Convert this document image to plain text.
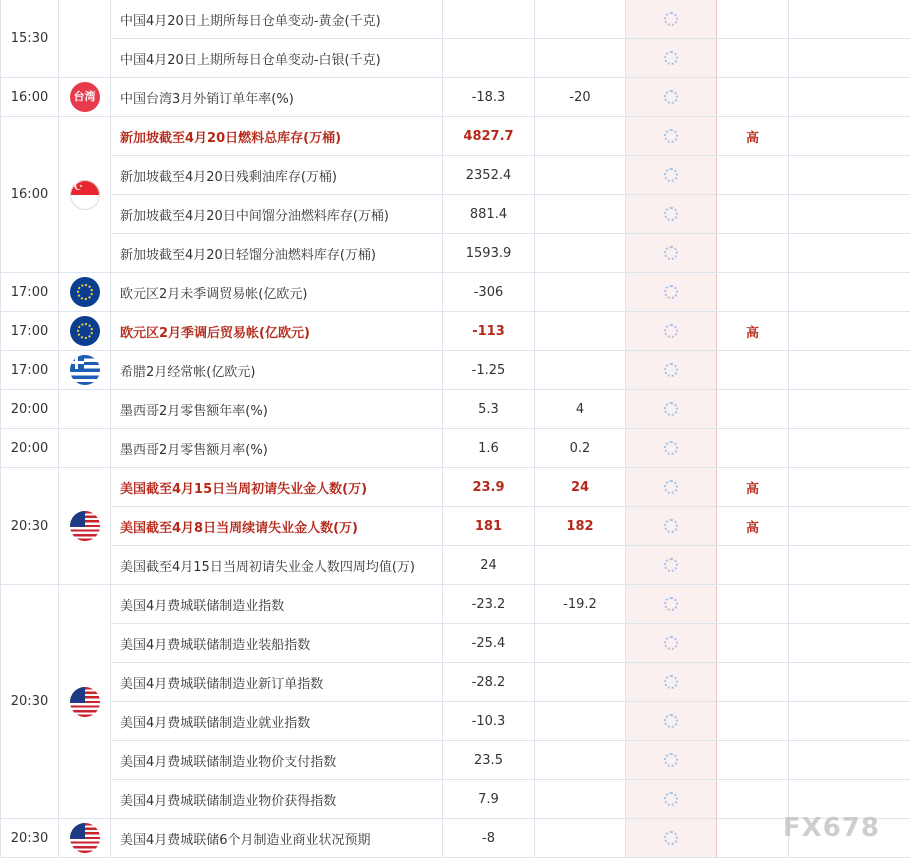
15:30		中国4月20日上期所每日仓单变动-黄金(千克)					
		中国4月20日上期所每日仓单变动-白银(千克)					
16:00	台湾	中国台湾3月外销订单年率(%)	-18.3	-20			
16:00	☪	新加坡截至4月20日燃料总库存(万桶)	4827.7			高	
		新加坡截至4月20日残剩油库存(万桶)	2352.4				
		新加坡截至4月20日中间馏分油燃料库存(万桶)	881.4				
		新加坡截至4月20日轻馏分油燃料库存(万桶)	1593.9				
17:00		欧元区2月未季调贸易帐(亿欧元)	-306				
17:00		欧元区2月季调后贸易帐(亿欧元)	-113			高	
17:00		希腊2月经常帐(亿欧元)	-1.25				
20:00		墨西哥2月零售额年率(%)	5.3	4			
20:00		墨西哥2月零售额月率(%)	1.6	0.2			
20:30		美国截至4月15日当周初请失业金人数(万)	23.9	24		高	
		美国截至4月8日当周续请失业金人数(万)	181	182		高	
		美国截至4月15日当周初请失业金人数四周均值(万)	24				
20:30		美国4月费城联储制造业指数	-23.2	-19.2			
		美国4月费城联储制造业装船指数	-25.4				
		美国4月费城联储制造业新订单指数	-28.2				
		美国4月费城联储制造业就业指数	-10.3				
		美国4月费城联储制造业物价支付指数	23.5				
		美国4月费城联储制造业物价获得指数	7.9				
20:30		美国4月费城联储6个月制造业商业状况预期	-8					FX678
